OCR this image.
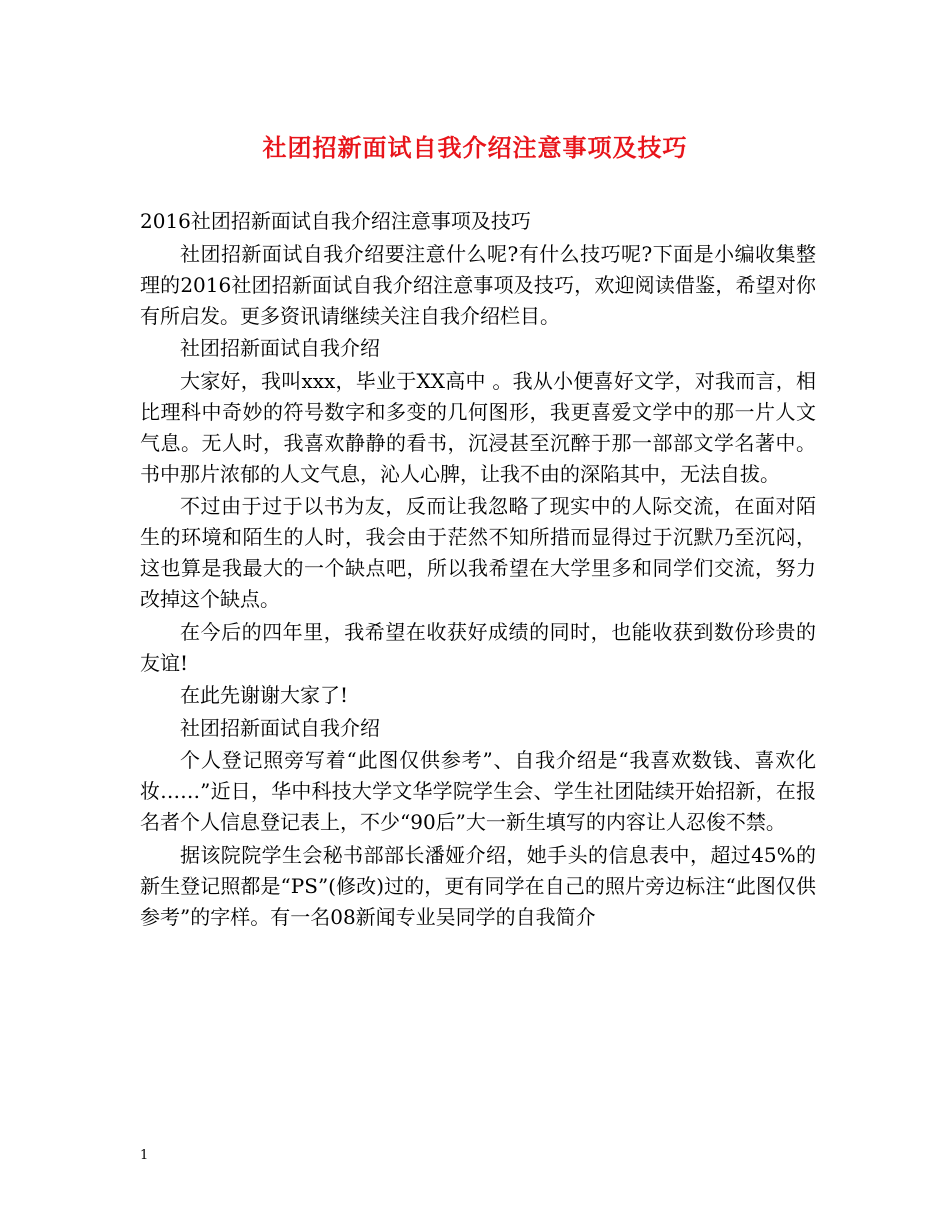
社团招新面试自我介绍注意事项及技巧

2016社团招新面试自我介绍注意事项及技巧

社团招新面试自我介绍要注意什么呢?有什么技巧呢?下面是小编收集整理的2016社团招新面试自我介绍注意事项及技巧，欢迎阅读借鉴，希望对你有所启发。更多资讯请继续关注自我介绍栏目。

社团招新面试自我介绍

大家好，我叫xxx，毕业于XX高中 。我从小便喜好文学，对我而言，相比理科中奇妙的符号数字和多变的几何图形，我更喜爱文学中的那一片人文气息。无人时，我喜欢静静的看书，沉浸甚至沉醉于那一部部文学名著中。书中那片浓郁的人文气息，沁人心脾，让我不由的深陷其中，无法自拔。

不过由于过于以书为友，反而让我忽略了现实中的人际交流，在面对陌生的环境和陌生的人时，我会由于茫然不知所措而显得过于沉默乃至沉闷，这也算是我最大的一个缺点吧，所以我希望在大学里多和同学们交流，努力改掉这个缺点。

在今后的四年里，我希望在收获好成绩的同时，也能收获到数份珍贵的友谊!

在此先谢谢大家了!

社团招新面试自我介绍

个人登记照旁写着“此图仅供参考”、自我介绍是“我喜欢数钱、喜欢化妆……”近日，华中科技大学文华学院学生会、学生社团陆续开始招新，在报名者个人信息登记表上，不少“90后”大一新生填写的内容让人忍俊不禁。

据该院院学生会秘书部部长潘娅介绍，她手头的信息表中，超过45%的新生登记照都是“PS”(修改)过的，更有同学在自己的照片旁边标注“此图仅供参考”的字样。有一名08新闻专业吴同学的自我简介

1
